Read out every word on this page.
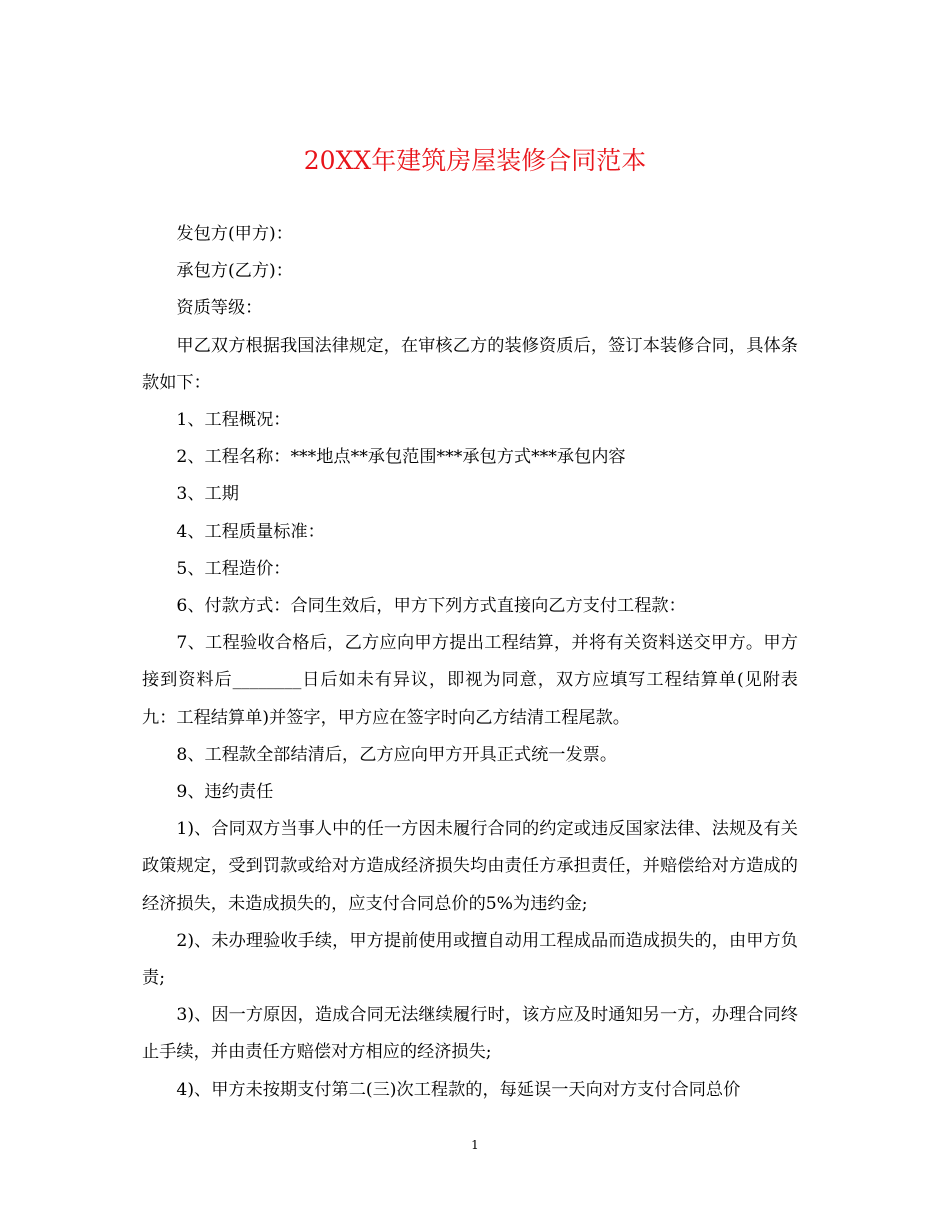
20XX年建筑房屋装修合同范本

发包方(甲方)：

承包方(乙方)：

资质等级：

甲乙双方根据我国法律规定，在审核乙方的装修资质后，签订本装修合同，具体条款如下：

1、工程概况：

2、工程名称：***地点**承包范围***承包方式***承包内容

3、工期

4、工程质量标准：

5、工程造价：

6、付款方式：合同生效后，甲方下列方式直接向乙方支付工程款：

7、工程验收合格后，乙方应向甲方提出工程结算，并将有关资料送交甲方。甲方接到资料后________日后如未有异议，即视为同意，双方应填写工程结算单(见附表九：工程结算单)并签字，甲方应在签字时向乙方结清工程尾款。

8、工程款全部结清后，乙方应向甲方开具正式统一发票。

9、违约责任

1)、合同双方当事人中的任一方因未履行合同的约定或违反国家法律、法规及有关政策规定，受到罚款或给对方造成经济损失均由责任方承担责任，并赔偿给对方造成的经济损失，未造成损失的，应支付合同总价的5%为违约金;

2)、未办理验收手续，甲方提前使用或擅自动用工程成品而造成损失的，由甲方负责;

3)、因一方原因，造成合同无法继续履行时，该方应及时通知另一方，办理合同终止手续，并由责任方赔偿对方相应的经济损失;

4)、甲方未按期支付第二(三)次工程款的，每延误一天向对方支付合同总价

1
